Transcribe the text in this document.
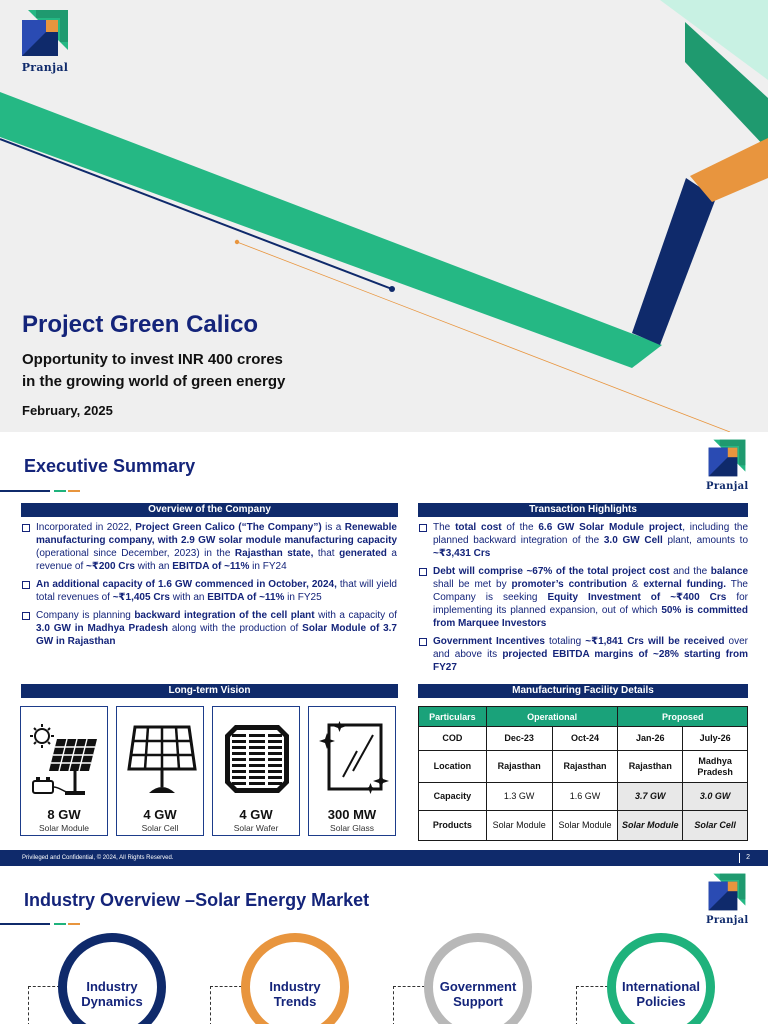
Pranjal
Project Green Calico
Opportunity to invest INR 400 crores
in the growing world of green energy
February, 2025
Executive Summary
Pranjal
Overview of the Company
Incorporated in 2022, Project Green Calico (“The Company”) is a Renewable manufacturing company, with 2.9 GW solar module manufacturing capacity (operational since December, 2023) in the Rajasthan state, that generated a revenue of ~₹200 Crs with an EBITDA of ~11% in FY24
An additional capacity of 1.6 GW commenced in October, 2024, that will yield total revenues of ~₹1,405 Crs with an EBITDA of ~11% in FY25
Company is planning backward integration of the cell plant with a capacity of 3.0 GW in Madhya Pradesh along with the production of Solar Module of 3.7 GW in Rajasthan
Transaction Highlights
The total cost of the 6.6 GW Solar Module project, including the planned backward integration of the 3.0 GW Cell plant, amounts to ~₹3,431 Crs
Debt will comprise ~67% of the total project cost and the balance shall be met by promoter’s contribution & external funding. The Company is seeking Equity Investment of ~₹400 Crs for implementing its planned expansion, out of which 50% is committed from Marquee Investors
Government Incentives totaling ~₹1,841 Crs will be received over and above its projected EBITDA margins of ~28% starting from FY27
Long-term Vision
8 GW
Solar Module
4 GW
Solar Cell
4 GW
Solar Wafer
300 MW
Solar Glass
Manufacturing Facility Details
Particulars	Operational		Proposed	
COD	Dec-23	Oct-24	Jan-26	July-26
Location	Rajasthan	Rajasthan	Rajasthan	Madhya Pradesh
Capacity	1.3 GW	1.6 GW	3.7 GW	3.0 GW
Products	Solar Module	Solar Module	Solar Module	Solar Cell
Privileged and Confidential, © 2024, All Rights Reserved.	2
Industry Overview –Solar Energy Market
Pranjal
Industry Dynamics
Industry Trends
Government Support
International Policies
